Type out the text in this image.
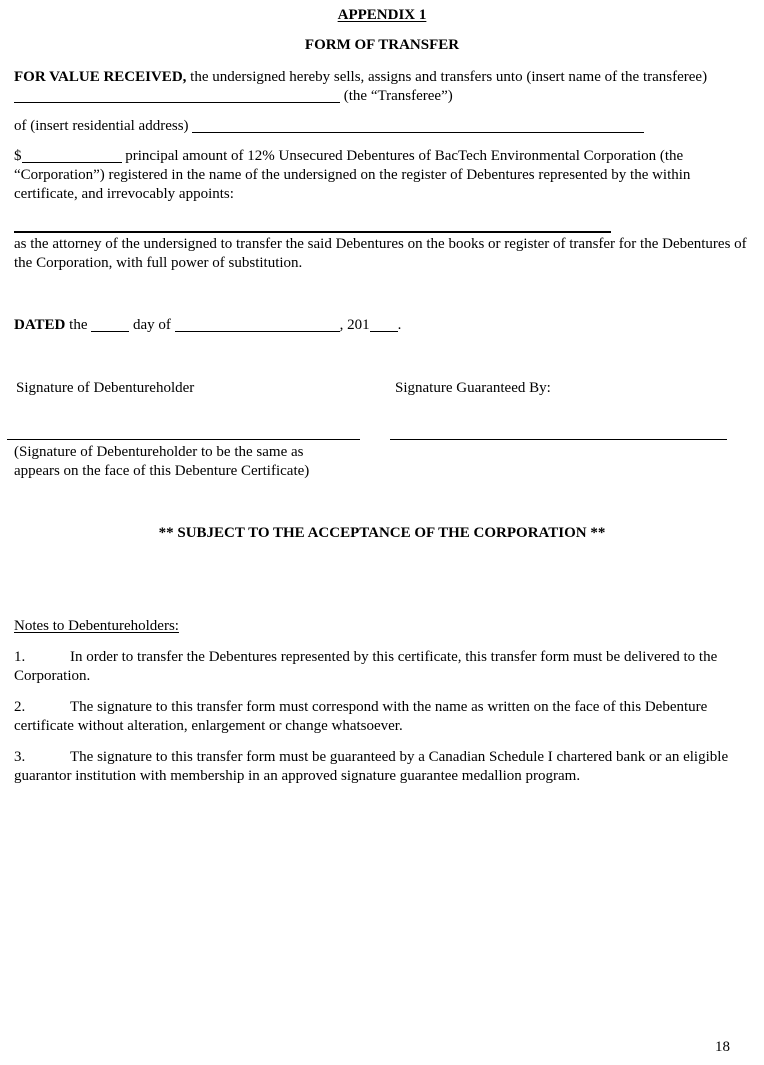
APPENDIX 1
FORM OF TRANSFER

FOR VALUE RECEIVED, the undersigned hereby sells, assigns and transfers unto (insert name of the transferee)
(the “Transferee”)

of (insert residential address)

$	principal amount of 12% Unsecured Debentures of BacTech Environmental Corporation (the “Corporation”) registered in the name of the undersigned on the register of Debentures represented by the within certificate, and irrevocably appoints:

as the attorney of the undersigned to transfer the said Debentures on the books or register of transfer for the Debentures of the Corporation, with full power of substitution.

DATED the	day of	, 201 .
Signature of Debentureholder	Signature Guaranteed By:

(Signature of Debentureholder to be the same as appears on the face of this Debenture Certificate)

** SUBJECT TO THE ACCEPTANCE OF THE CORPORATION **
Notes to Debentureholders:

1.	In order to transfer the Debentures represented by this certificate, this transfer form must be delivered to the Corporation.

2.	The signature to this transfer form must correspond with the name as written on the face of this Debenture certificate without alteration, enlargement or change whatsoever.

3.	The signature to this transfer form must be guaranteed by a Canadian Schedule I chartered bank or an eligible guarantor institution with membership in an approved signature guarantee medallion program.

18
